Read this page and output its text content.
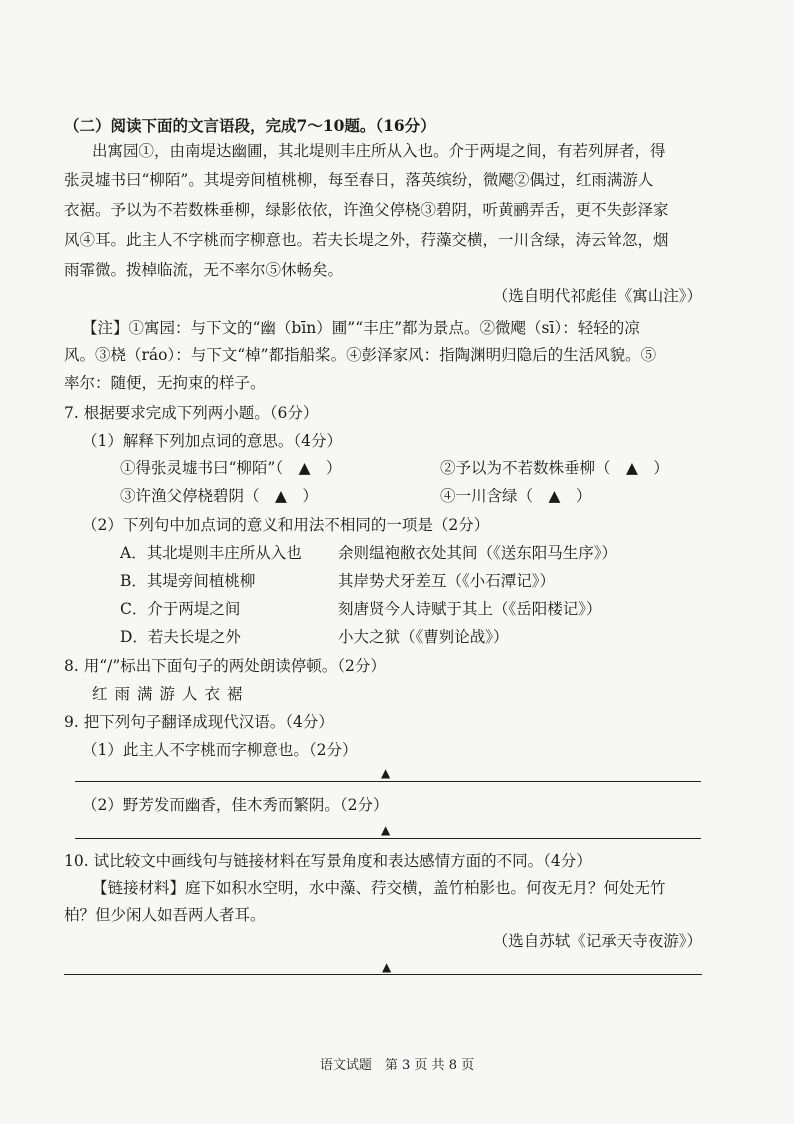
（二）阅读下面的文言语段，完成7～10题。（16分）
出寓园①，由南堤达幽圃，其北堤则丰庄所从入也。介于两堤之间，有若列屏者，得
张灵墟书曰“柳陌”。其堤旁间植桃柳，每至春日，落英缤纷，微飔②偶过，红雨满游人
衣裾。予以为不若数株垂柳，绿影依依，许渔父停桡③碧阴，听黄鹂弄舌，更不失彭泽家
风④耳。此主人不字桃而字柳意也。若夫长堤之外，荇藻交横，一川含绿，涛云耸忽，烟
雨霏微。拨棹临流，无不率尔⑤休畅矣。
（选自明代祁彪佳《寓山注》）
【注】①寓园：与下文的“幽（bīn）圃”“丰庄”都为景点。②微飔（sī）：轻轻的凉
风。③桡（ráo）：与下文“棹”都指船桨。④彭泽家风：指陶渊明归隐后的生活风貌。⑤
率尔：随便，无拘束的样子。
7. 根据要求完成下列两小题。（6分）
（1）解释下列加点词的意思。（4分）
①得张灵墟书曰“柳陌”（　▲　）	②予以为不若数株垂柳（　▲　）
③许渔父停桡碧阴（　▲　）	④一川含绿（　▲　）
（2）下列句中加点词的意义和用法不相同的一项是（2分）
A．其北堤则丰庄所从入也 余则缊袍敝衣处其间（《送东阳马生序》）
B．其堤旁间植桃柳	其岸势犬牙差互（《小石潭记》）
C．介于两堤之间	刻唐贤今人诗赋于其上（《岳阳楼记》）
D．若夫长堤之外	小大之狱（《曹刿论战》）
8. 用“/”标出下面句子的两处朗读停顿。（2分）
红雨满游人衣裾
9. 把下列句子翻译成现代汉语。（4分）
（1）此主人不字桃而字柳意也。（2分）
▲
（2）野芳发而幽香，佳木秀而繁阴。（2分）
▲
10. 试比较文中画线句与链接材料在写景角度和表达感情方面的不同。（4分）
【链接材料】庭下如积水空明，水中藻、荇交横，盖竹柏影也。何夜无月？何处无竹
柏？但少闲人如吾两人者耳。
（选自苏轼《记承天寺夜游》）
▲
语文试题　第 3 页 共 8 页
